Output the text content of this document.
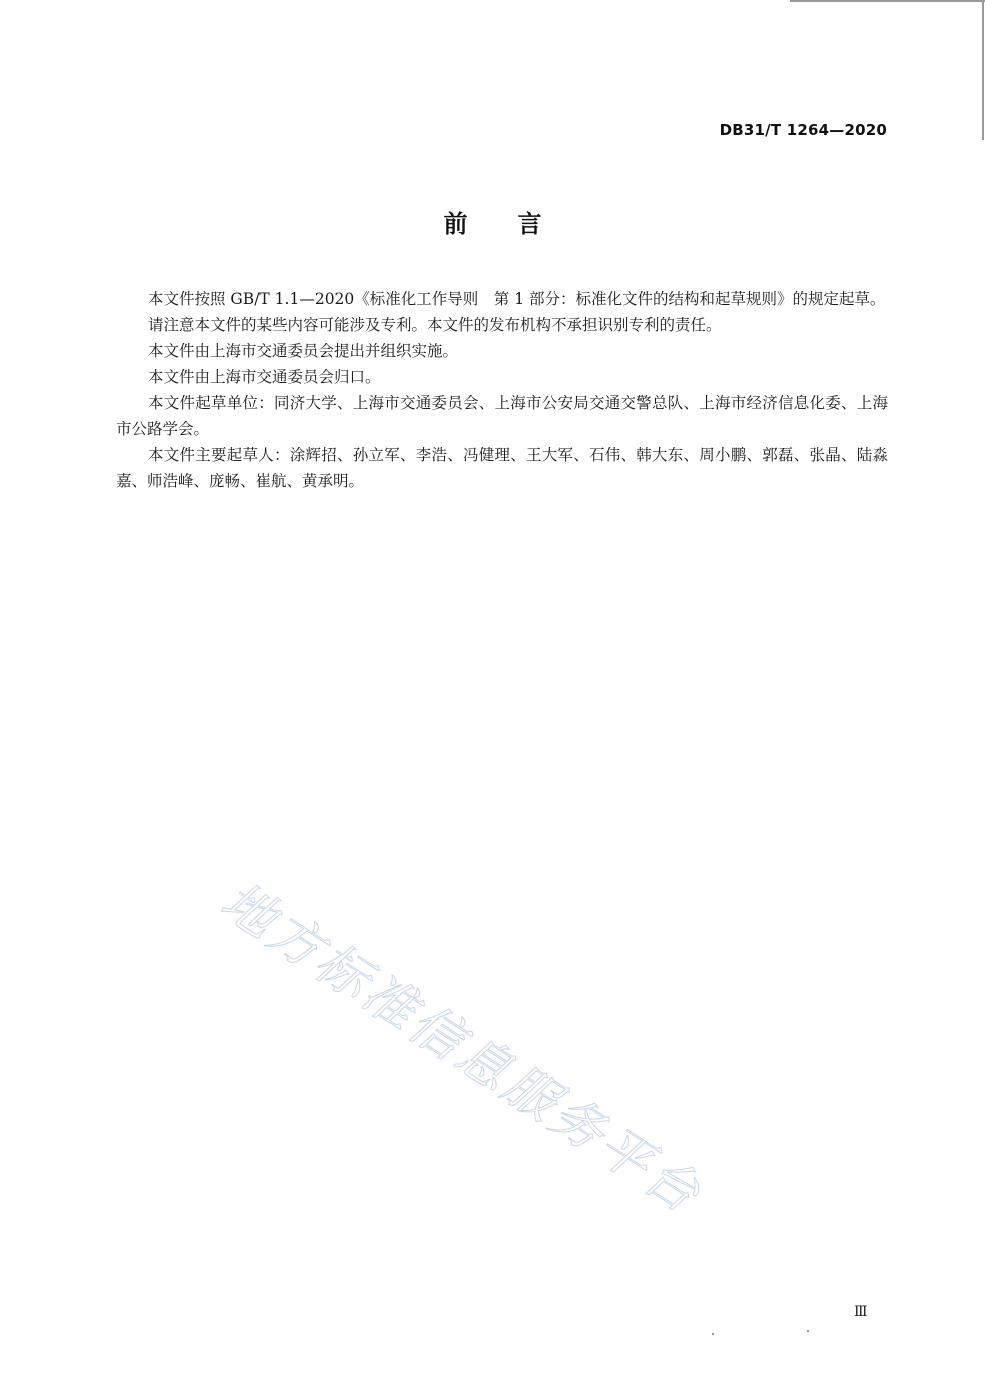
DB31/T 1264—2020
前言

本文件按照 GB/T 1.1—2020《标准化工作导则　第 1 部分：标准化文件的结构和起草规则》的规定起草。

请注意本文件的某些内容可能涉及专利。本文件的发布机构不承担识别专利的责任。

本文件由上海市交通委员会提出并组织实施。

本文件由上海市交通委员会归口。

本文件起草单位：同济大学、上海市交通委员会、上海市公安局交通交警总队、上海市经济信息化委、上海市公路学会。

本文件主要起草人：涂辉招、孙立军、李浩、冯健理、王大军、石伟、韩大东、周小鹏、郭磊、张晶、陆淼嘉、师浩峰、庞畅、崔航、黄承明。

地方标准信息服务平台
Ⅲ
